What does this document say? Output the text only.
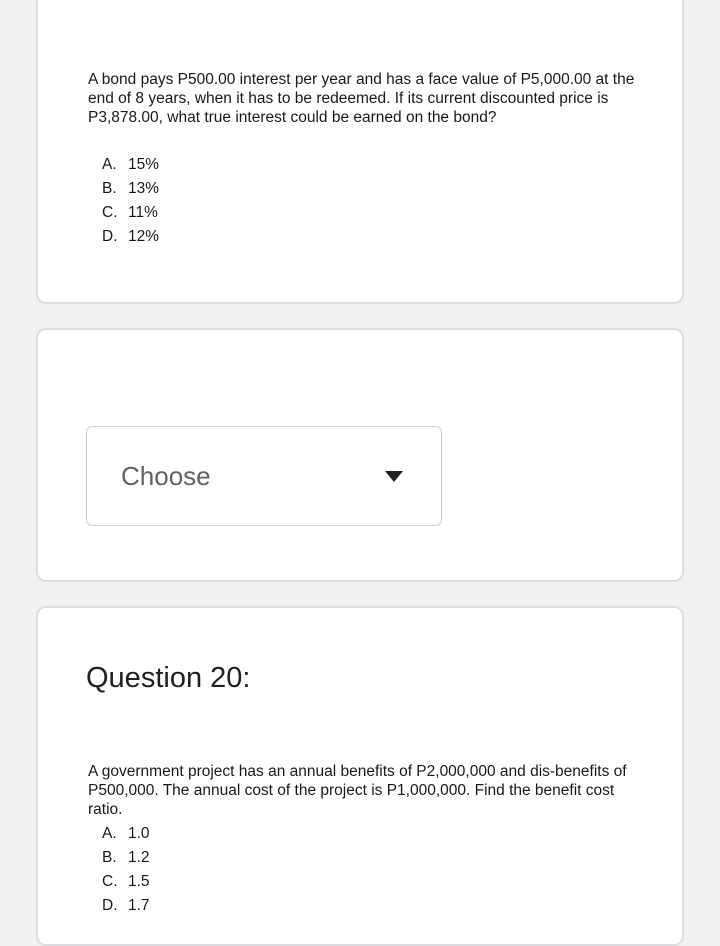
A bond pays P500.00 interest per year and has a face value of P5,000.00 at the end of 8 years, when it has to be redeemed. If its current discounted price is P3,878.00, what true interest could be earned on the bond?

A. 15%
B. 13%
C. 11%
D. 12%
Choose
Question 20:

A government project has an annual benefits of P2,000,000 and dis-benefits of P500,000. The annual cost of the project is P1,000,000. Find the benefit cost ratio.

A. 1.0
B. 1.2
C. 1.5
D. 1.7
